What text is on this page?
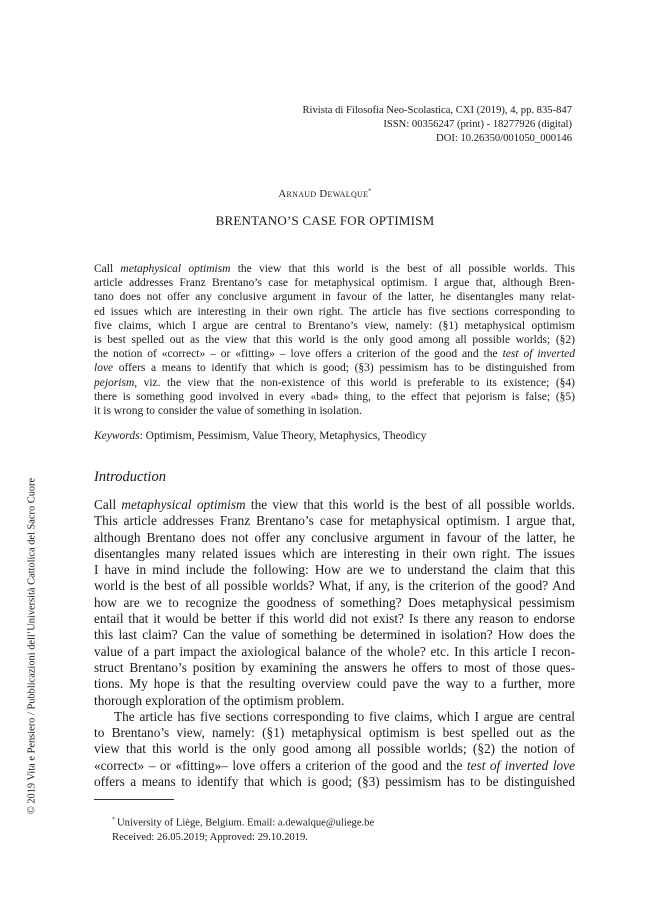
Rivista di Filosofia Neo-Scolastica, CXI (2019), 4, pp. 835-847
ISSN: 00356247 (print) - 18277926 (digital)
DOI: 10.26350/001050_000146
Arnaud Dewalque*
BRENTANO’S CASE FOR OPTIMISM
Call metaphysical optimism the view that this world is the best of all possible worlds. This
article addresses Franz Brentano’s case for metaphysical optimism. I argue that, although Bren-
tano does not offer any conclusive argument in favour of the latter, he disentangles many relat-
ed issues which are interesting in their own right. The article has five sections corresponding to
five claims, which I argue are central to Brentano’s view, namely: (§1) metaphysical optimism
is best spelled out as the view that this world is the only good among all possible worlds; (§2)
the notion of «correct» – or «fitting» – love offers a criterion of the good and the test of inverted
love offers a means to identify that which is good; (§3) pessimism has to be distinguished from
pejorism, viz. the view that the non-existence of this world is preferable to its existence; (§4)
there is something good involved in every «bad» thing, to the effect that pejorism is false; (§5)
it is wrong to consider the value of something in isolation.
Keywords: Optimism, Pessimism, Value Theory, Metaphysics, Theodicy
Introduction
Call metaphysical optimism the view that this world is the best of all possible worlds.
This article addresses Franz Brentano’s case for metaphysical optimism. I argue that,
although Brentano does not offer any conclusive argument in favour of the latter, he
disentangles many related issues which are interesting in their own right. The issues
I have in mind include the following: How are we to understand the claim that this
world is the best of all possible worlds? What, if any, is the criterion of the good? And
how are we to recognize the goodness of something? Does metaphysical pessimism
entail that it would be better if this world did not exist? Is there any reason to endorse
this last claim? Can the value of something be determined in isolation? How does the
value of a part impact the axiological balance of the whole? etc. In this article I recon-
struct Brentano’s position by examining the answers he offers to most of those ques-
tions. My hope is that the resulting overview could pave the way to a further, more
thorough exploration of the optimism problem.
The article has five sections corresponding to five claims, which I argue are central
to Brentano’s view, namely: (§1) metaphysical optimism is best spelled out as the
view that this world is the only good among all possible worlds; (§2) the notion of
«correct» – or «fitting»– love offers a criterion of the good and the test of inverted love
offers a means to identify that which is good; (§3) pessimism has to be distinguished
* University of Liège, Belgium. Email: a.dewalque@uliege.be
Received: 26.05.2019; Approved: 29.10.2019.
© 2019 Vita e Pensiero / Pubblicazioni dell’Università Cattolica del Sacro Cuore
